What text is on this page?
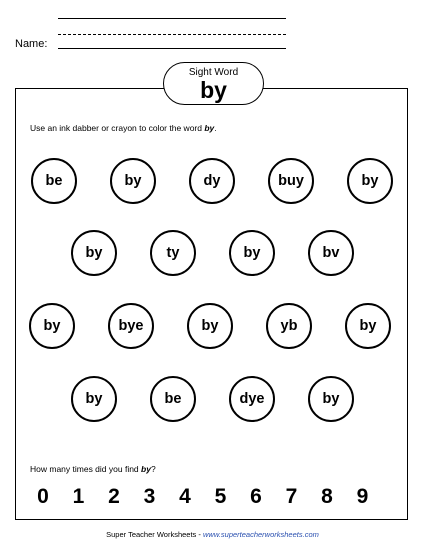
Name:
Sight Word
by
Use an ink dabber or crayon to color the word by.
be	by	dy	buy	by
by	ty	by	bv
by	bye	by	yb	by
by	be	dye	by
How many times did you find by?
0 1 2 3 4 5 6 7 8 9
Super Teacher Worksheets - www.superteacherworksheets.com
